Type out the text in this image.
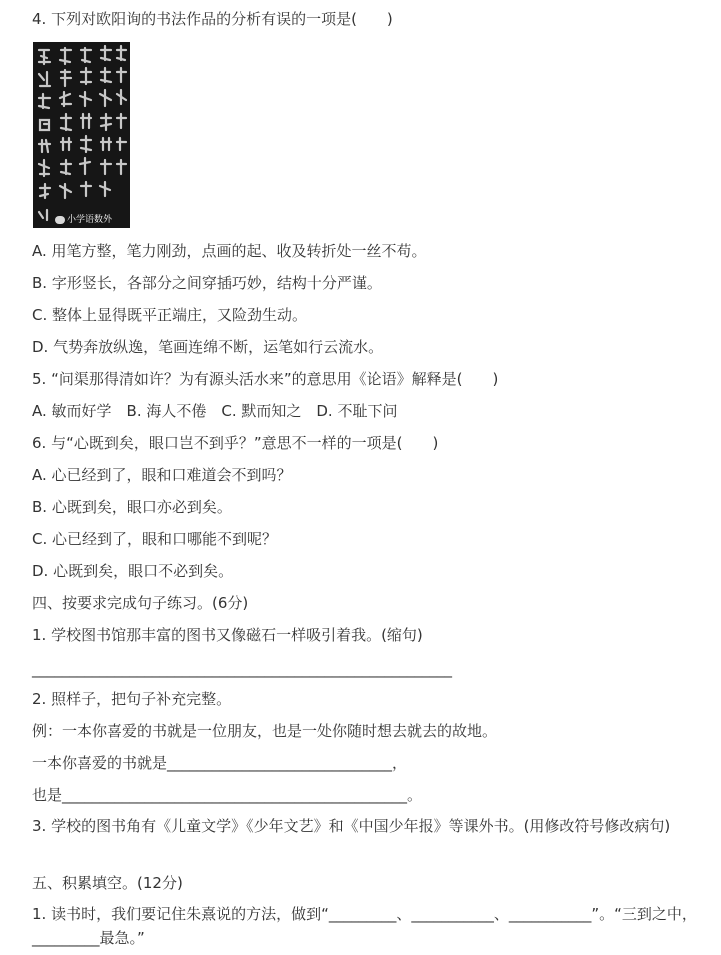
4. 下列对欧阳询的书法作品的分析有误的一项是(　　)
小学语数外
A. 用笔方整，笔力刚劲，点画的起、收及转折处一丝不苟。
B. 字形竖长，各部分之间穿插巧妙，结构十分严谨。
C. 整体上显得既平正端庄，又险劲生动。
D. 气势奔放纵逸，笔画连绵不断，运笔如行云流水。
5. “问渠那得清如许？为有源头活水来”的意思用《论语》解释是(　　)
A. 敏而好学　B. 海人不倦　C. 默而知之　D. 不耻下问
6. 与“心既到矣，眼口岂不到乎？”意思不一样的一项是(　　)
A. 心已经到了，眼和口难道会不到吗？
B. 心既到矣，眼口亦必到矣。
C. 心已经到了，眼和口哪能不到呢？
D. 心既到矣，眼口不必到矣。
四、按要求完成句子练习。(6分)
1. 学校图书馆那丰富的图书又像磁石一样吸引着我。(缩句)
________________________________________________________
2. 照样子，把句子补充完整。
例：一本你喜爱的书就是一位朋友，也是一处你随时想去就去的故地。
一本你喜爱的书就是______________________________，
也是______________________________________________。
3. 学校的图书角有《儿童文学》《少年文艺》和《中国少年报》等课外书。(用修改符号修改病句)
五、积累填空。(12分)
1. 读书时，我们要记住朱熹说的方法，做到“_________、___________、___________”。“三到之中，_________最急。”
